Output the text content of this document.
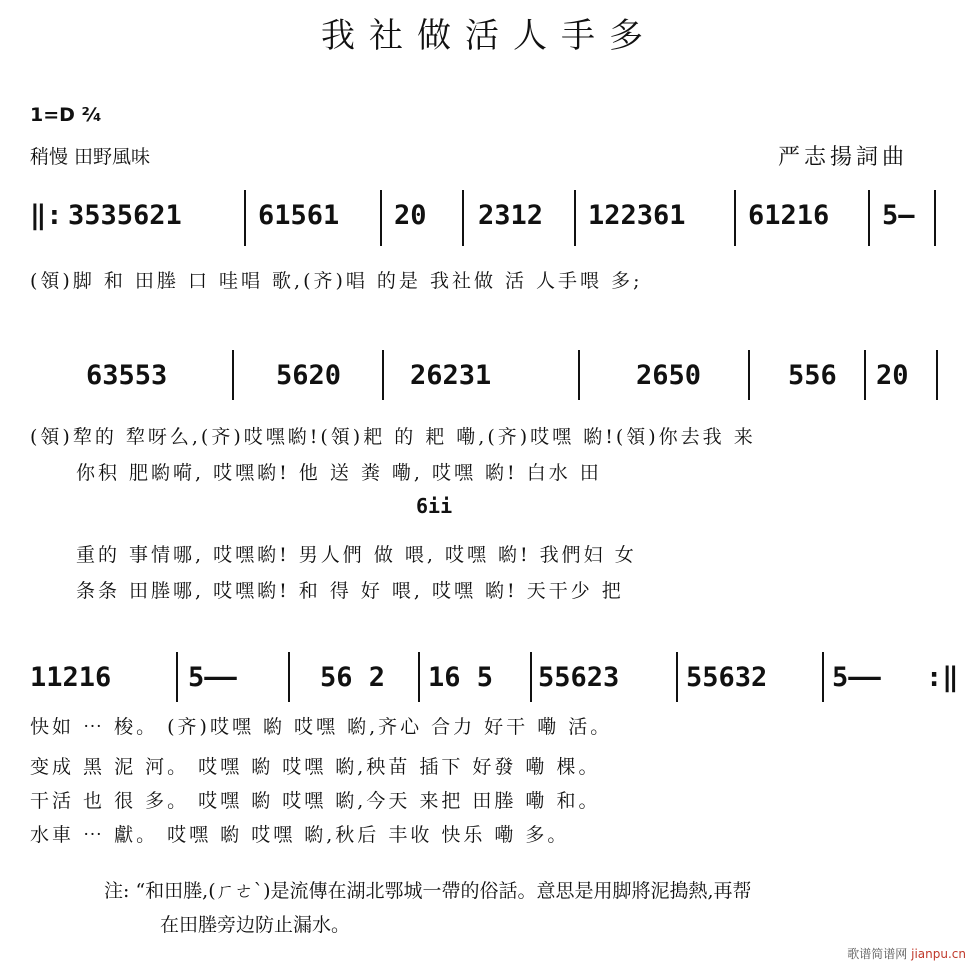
我社做活人手多
1=D ²⁄₄
稍慢 田野風味	严志揚詞曲
‖: 3535621	61561 20 2312 122361 61216 5—
(領)脚 和 田塍 口 哇唱 歌,(齐)唱 的是 我社做 活 人手喂 多;
63553	5620	26231	2650	556 20
(領)犂的 犂呀么,(齐)哎嘿喲!(領)耙 的 耙 嘞,(齐)哎嘿 喲!(領)你去我 来
你积 肥喲嗬, 哎嘿喲! 他 送 粪 嘞, 哎嘿 喲! 白水 田
6ii
重的 事情哪, 哎嘿喲! 男人們 做 喂, 哎嘿 喲! 我們妇 女
条条 田塍哪, 哎嘿喲! 和 得 好 喂, 哎嘿 喲! 天干少 把
11216	5——	56 2 16 5 55623 55632 5—— :‖
快如 ⋯ 梭。 (齐)哎嘿 喲 哎嘿 喲,齐心 合力 好干 嘞 活。
变成 黑 泥 河。 哎嘿 喲 哎嘿 喲,秧苗 插下 好發 嘞 棵。
干活 也 很 多。 哎嘿 喲 哎嘿 喲,今天 来把 田塍 嘞 和。
水車 ⋯ 獻。 哎嘿 喲 哎嘿 喲,秋后 丰收 快乐 嘞 多。
注: “和田塍,(ㄏㄜˋ)是流傳在湖北鄂城一帶的俗話。意思是用脚將泥搗熱,再帮
在田塍旁边防止漏水。
歌谱简谱网 jianpu.cn
